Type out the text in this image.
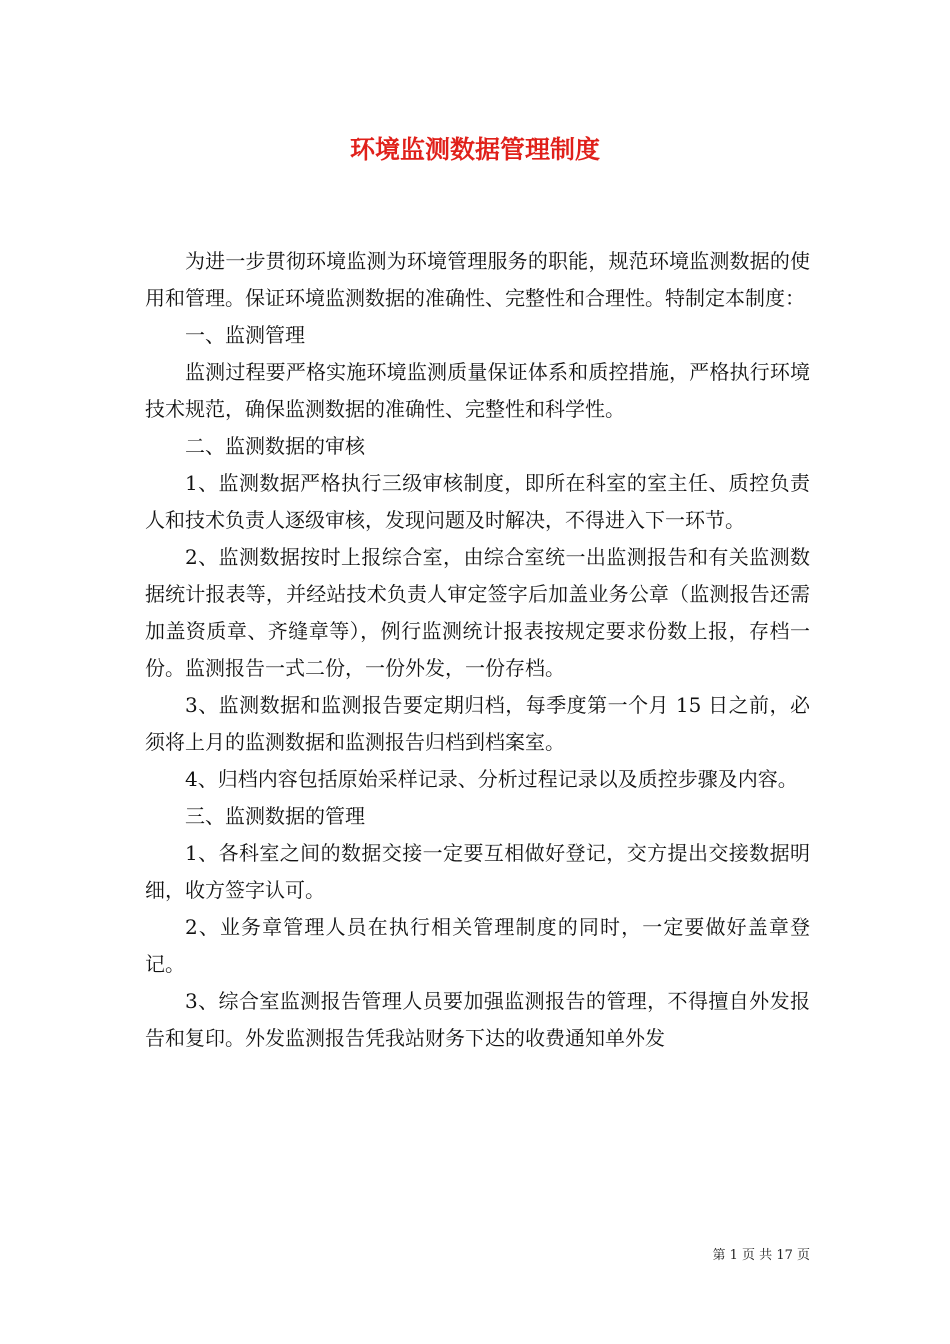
环境监测数据管理制度

为进一步贯彻环境监测为环境管理服务的职能，规范环境监测数据的使用和管理。保证环境监测数据的准确性、完整性和合理性。特制定本制度：

一、监测管理

监测过程要严格实施环境监测质量保证体系和质控措施，严格执行环境技术规范，确保监测数据的准确性、完整性和科学性。

二、监测数据的审核

1、监测数据严格执行三级审核制度，即所在科室的室主任、质控负责人和技术负责人逐级审核，发现问题及时解决，不得进入下一环节。

2、监测数据按时上报综合室，由综合室统一出监测报告和有关监测数据统计报表等，并经站技术负责人审定签字后加盖业务公章（监测报告还需加盖资质章、齐缝章等），例行监测统计报表按规定要求份数上报，存档一份。监测报告一式二份，一份外发，一份存档。

3、监测数据和监测报告要定期归档，每季度第一个月 15 日之前，必须将上月的监测数据和监测报告归档到档案室。

4、归档内容包括原始采样记录、分析过程记录以及质控步骤及内容。

三、监测数据的管理

1、各科室之间的数据交接一定要互相做好登记，交方提出交接数据明细，收方签字认可。

2、业务章管理人员在执行相关管理制度的同时，一定要做好盖章登记。

3、综合室监测报告管理人员要加强监测报告的管理，不得擅自外发报告和复印。外发监测报告凭我站财务下达的收费通知单外发

第 1 页 共 17 页
